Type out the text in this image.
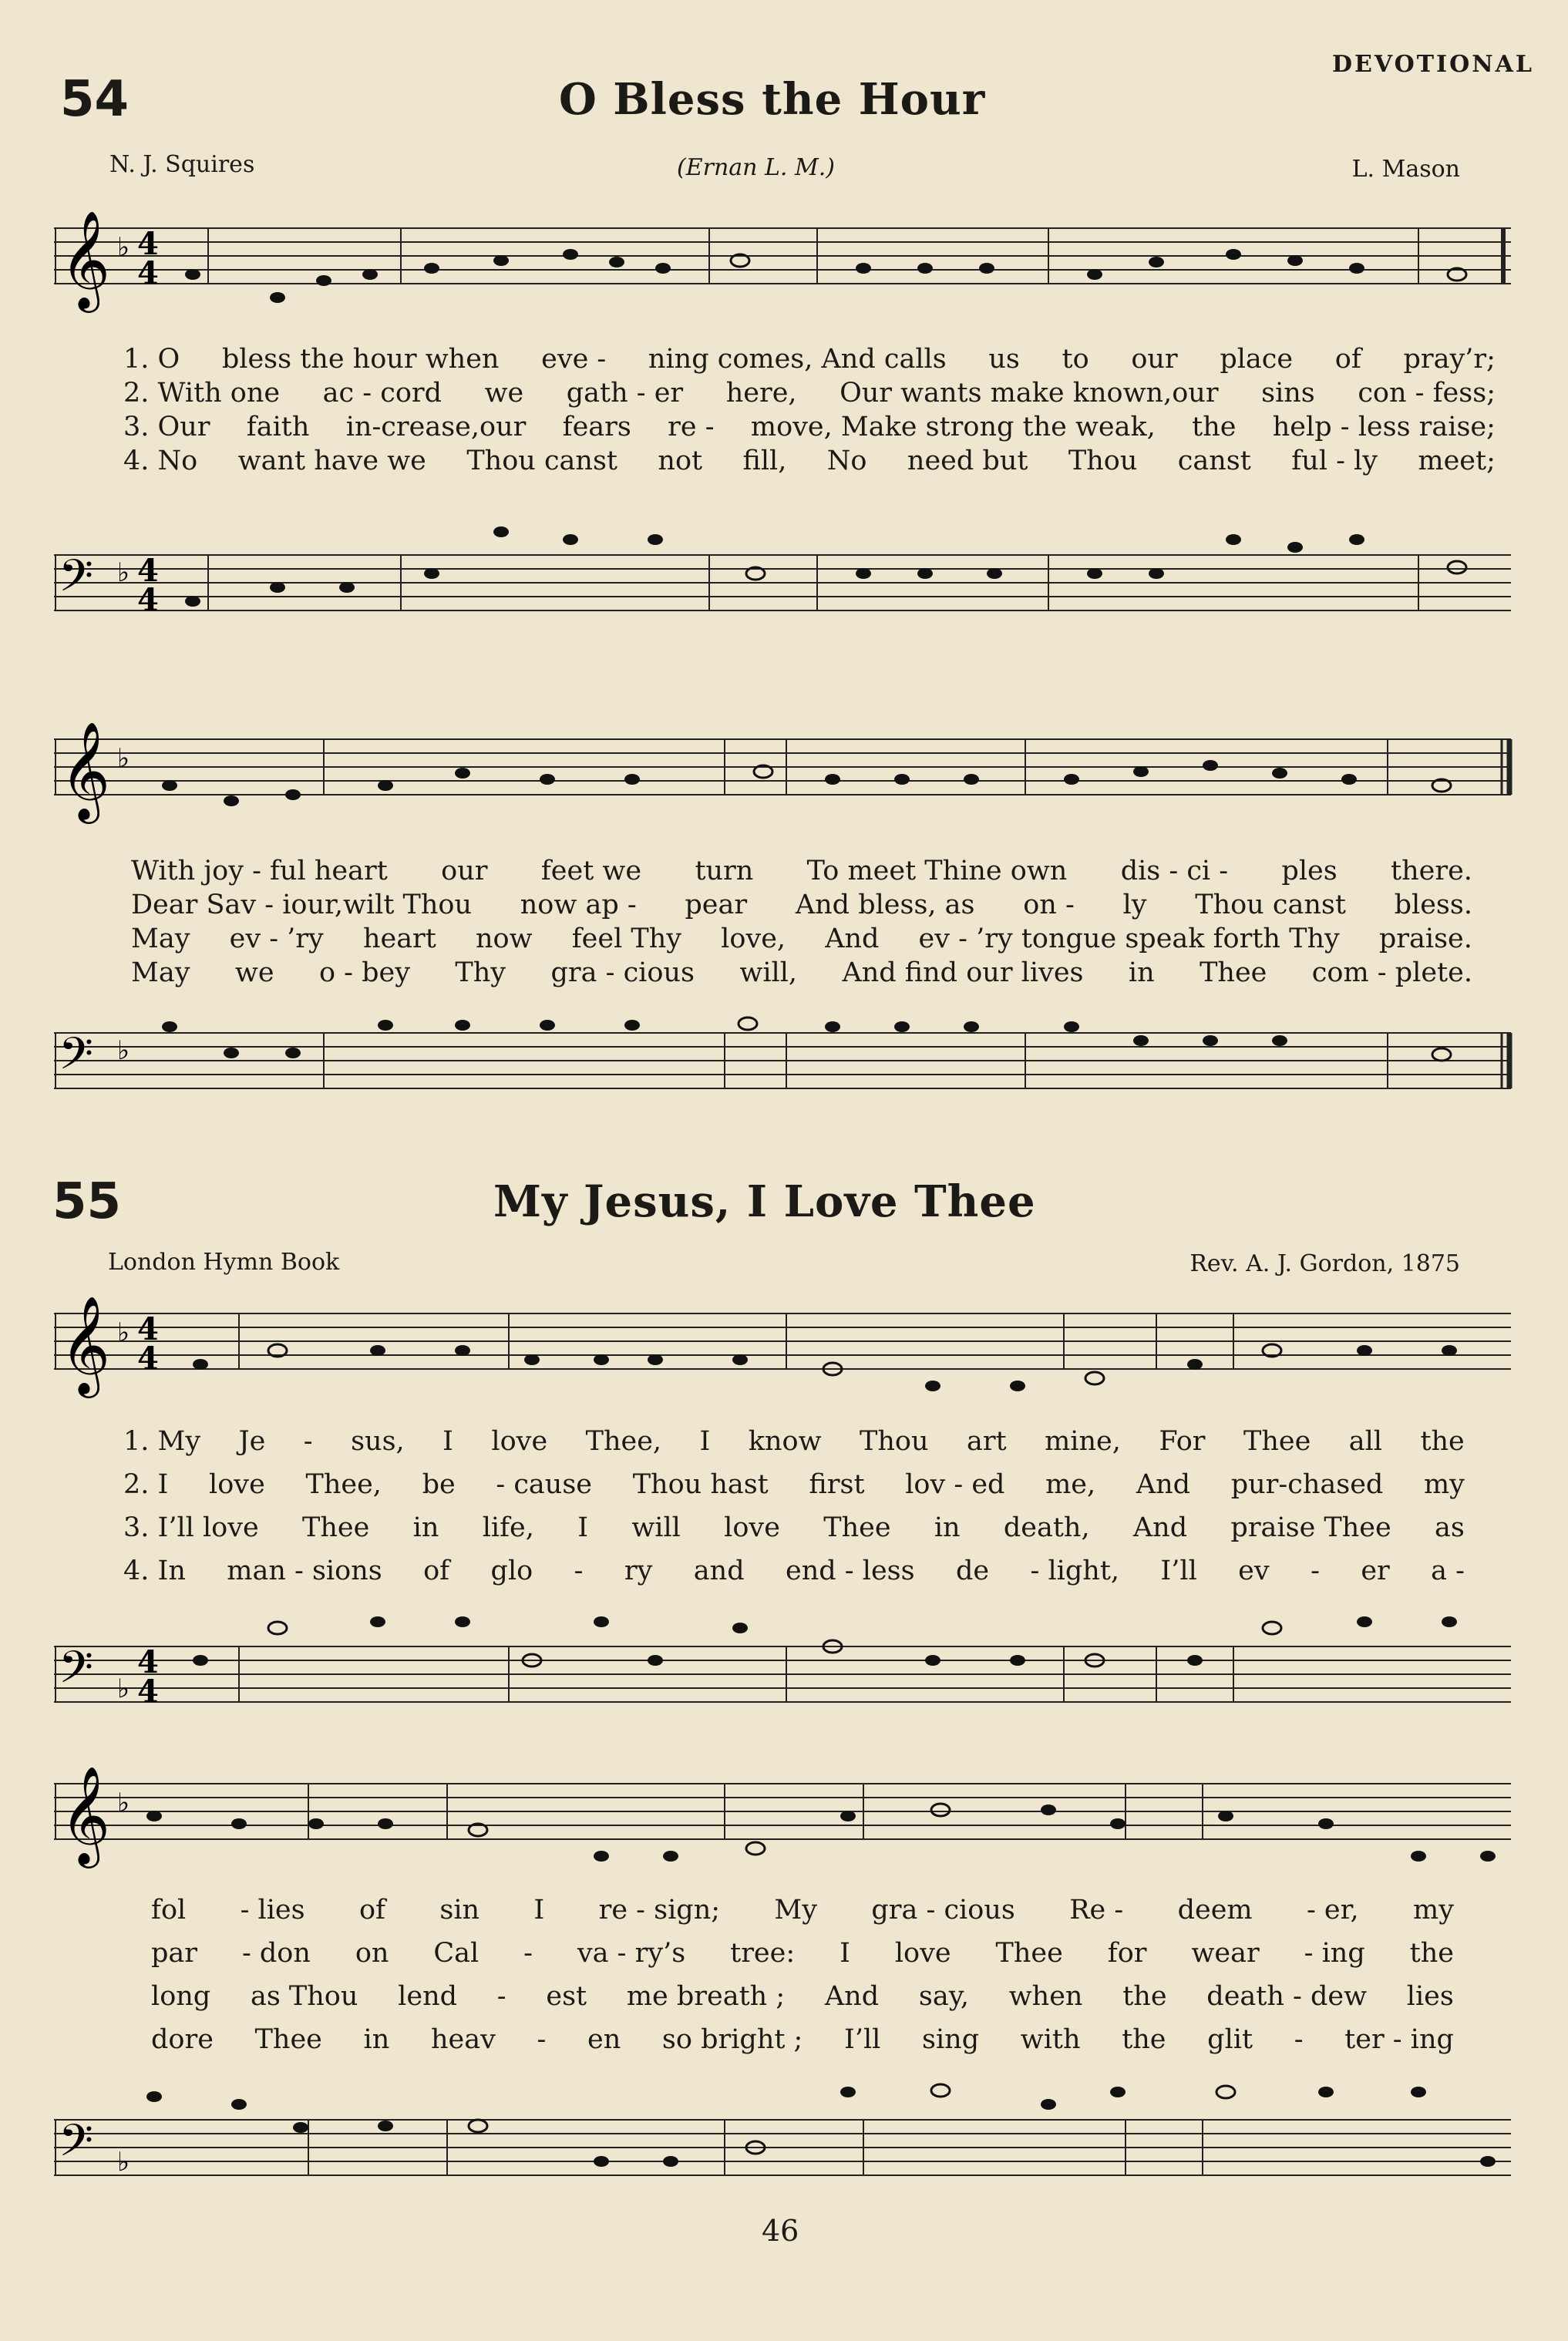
DEVOTIONAL
54	O Bless the Hour
N. J. Squires	(Ernan L. M.)	L. Mason
𝄞 ♭ 4
4
1. O bless the hour when eve - ning comes, And calls us to our place of pray’r;
2. With one ac - cord we gath - er here, Our wants make known,our sins con - fess;
3. Our faith in-crease,our fears re - move, Make strong the weak, the help - less raise;
4. No want have we Thou canst not fill, No need but Thou canst ful - ly meet;
𝄢 ♭ 4
4
𝄞 ♭
With joy - ful heart our feet we turn To meet Thine own dis - ci - ples there.
Dear Sav - iour,wilt Thou now ap - pear And bless, as on - ly Thou canst bless.
May ev - ’ry heart now feel Thy love, And ev - ’ry tongue speak forth Thy praise.
May we o - bey Thy gra - cious will, And find our lives in Thee com - plete.
𝄢 ♭
55	My Jesus, I Love Thee
London Hymn Book	Rev. A. J. Gordon, 1875
𝄞 ♭ 4
4
1. My Je - sus, I love Thee, I know Thou art mine, For Thee all the
2. I love Thee, be - cause Thou hast first lov - ed me, And pur-chased my
3. I’ll love Thee in life, I will love Thee in death, And praise Thee as
4. In man - sions of glo - ry and end - less de - light, I’ll ev - er a -
𝄢 ♭
4
4
𝄞 ♭
fol - lies of sin I re - sign; My gra - cious Re - deem - er, my
par - don on Cal - va - ry’s tree: I love Thee for wear - ing the
long as Thou lend - est me breath ; And say, when the death - dew lies
dore Thee in heav - en so bright ; I’ll sing with the glit - ter - ing
𝄢 ♭
46
